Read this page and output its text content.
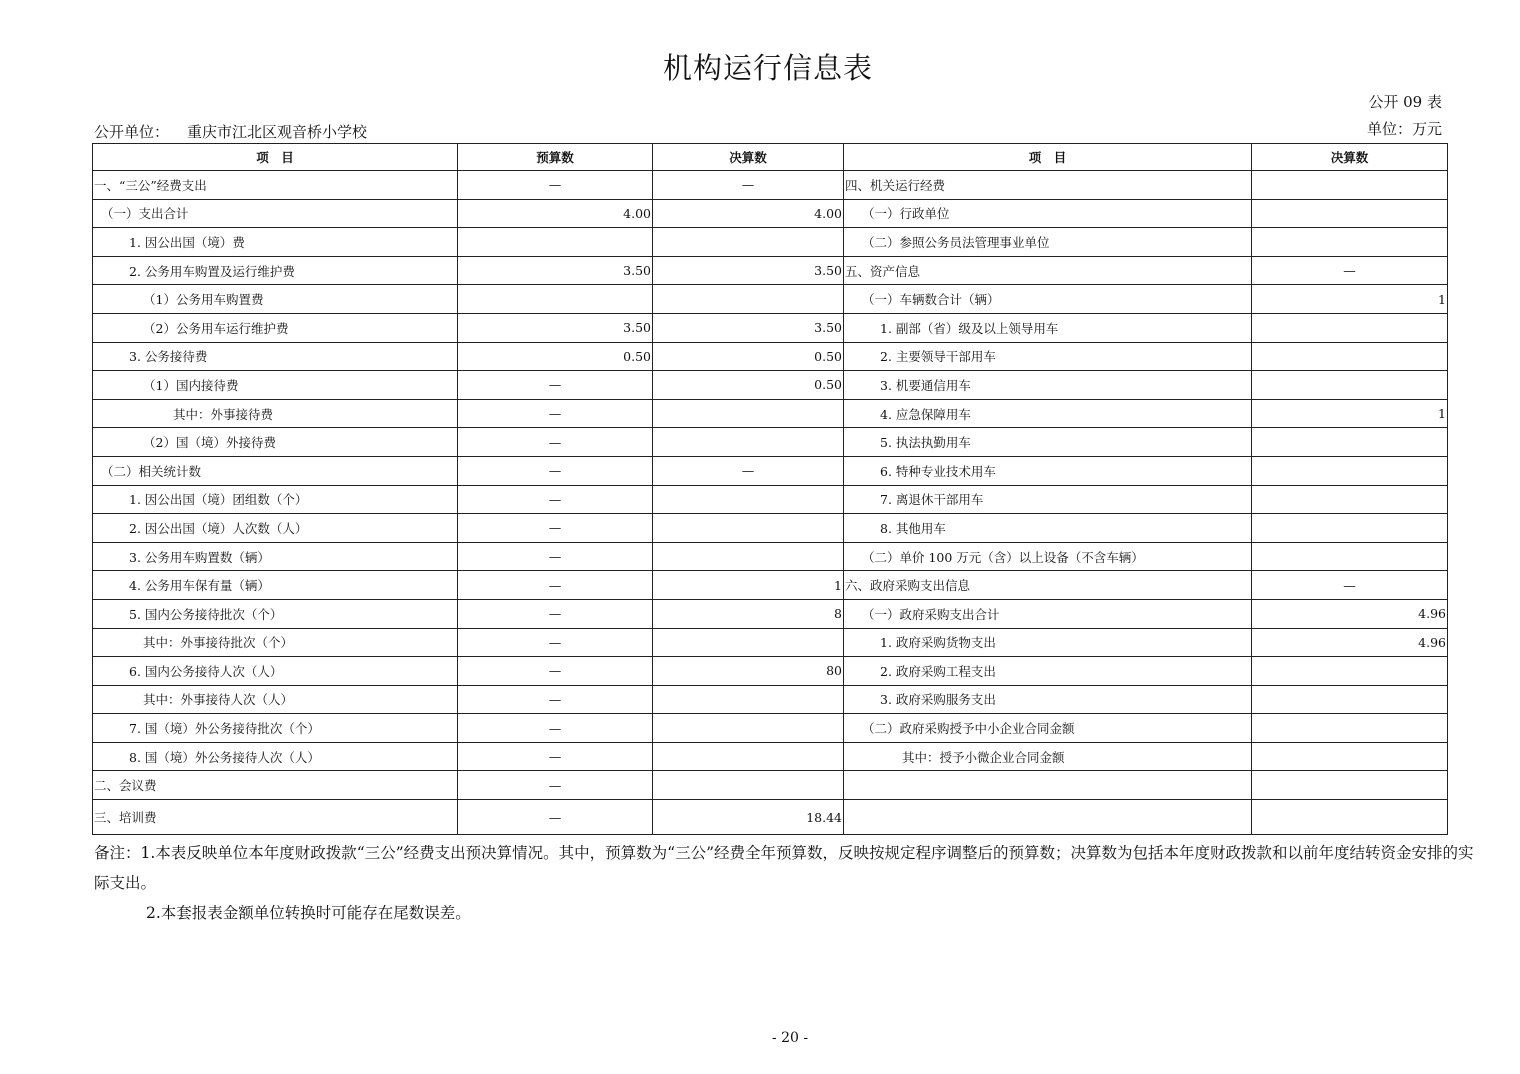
机构运行信息表
公开 09 表
单位：万元
公开单位： 重庆市江北区观音桥小学校
项　目	预算数	决算数	项　目	决算数
一、“三公”经费支出	—	—	四、机关运行经费	
（一）支出合计	4.00	4.00	（一）行政单位	
1. 因公出国（境）费			（二）参照公务员法管理事业单位	
2. 公务用车购置及运行维护费	3.50	3.50	五、资产信息	—
（1）公务用车购置费			（一）车辆数合计（辆）	1
（2）公务用车运行维护费	3.50	3.50	1. 副部（省）级及以上领导用车	
3. 公务接待费	0.50	0.50	2. 主要领导干部用车	
（1）国内接待费	—	0.50	3. 机要通信用车	
其中：外事接待费	—		4. 应急保障用车	1
（2）国（境）外接待费	—		5. 执法执勤用车	
（二）相关统计数	—	—	6. 特种专业技术用车	
1. 因公出国（境）团组数（个）	—		7. 离退休干部用车	
2. 因公出国（境）人次数（人）	—		8. 其他用车	
3. 公务用车购置数（辆）	—		（二）单价 100 万元（含）以上设备（不含车辆）	
4. 公务用车保有量（辆）	—	1	六、政府采购支出信息	—
5. 国内公务接待批次（个）	—	8	（一）政府采购支出合计	4.96
其中：外事接待批次（个）	—		1. 政府采购货物支出	4.96
6. 国内公务接待人次（人）	—	80	2. 政府采购工程支出	
其中：外事接待人次（人）	—		3. 政府采购服务支出	
7. 国（境）外公务接待批次（个）	—		（二）政府采购授予中小企业合同金额	
8. 国（境）外公务接待人次（人）	—		其中：授予小微企业合同金额	
二、会议费	—			
三、培训费	—	18.44		
备注：1.本表反映单位本年度财政拨款“三公”经费支出预决算情况。其中，预算数为“三公”经费全年预算数，反映按规定程序调整后的预算数；决算数为包括本年度财政拨款和以前年度结转资金安排的实际支出。
2.本套报表金额单位转换时可能存在尾数误差。
- 20 -
